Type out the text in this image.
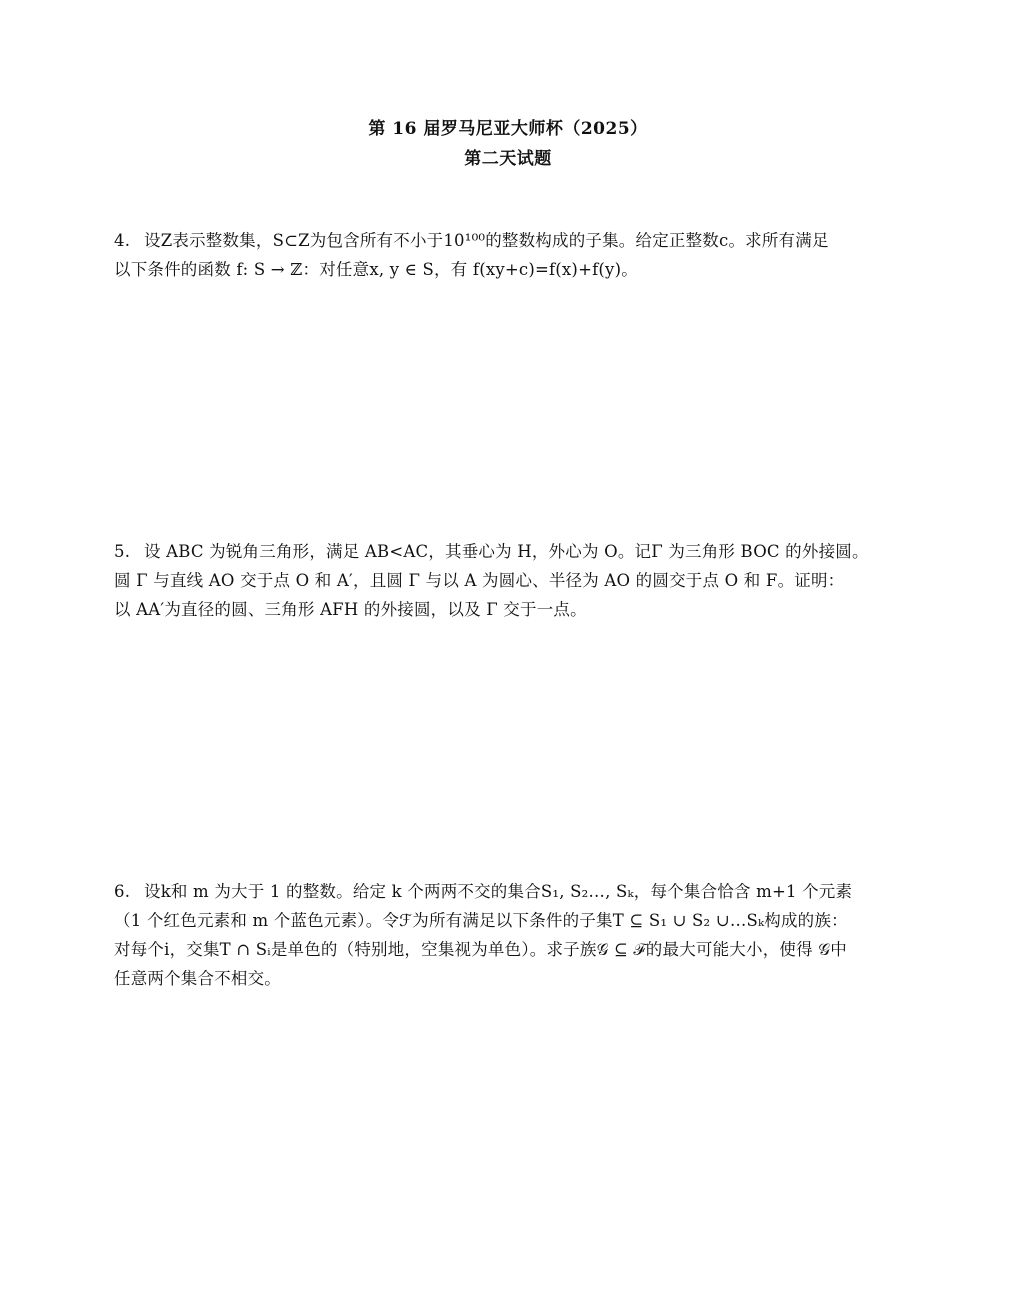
第 16 届罗马尼亚大师杯（2025）
第二天试题

4. 设Z表示整数集，S⊂Z为包含所有不小于10¹⁰⁰的整数构成的子集。给定正整数c。求所有满足

以下条件的函数 f: S → ℤ：对任意x, y ∈ S，有 f(xy+c)=f(x)+f(y)。

5. 设 ABC 为锐角三角形，满足 AB<AC，其垂心为 H，外心为 O。记Γ 为三角形 BOC 的外接圆。

圆 Γ 与直线 AO 交于点 O 和 A′，且圆 Γ 与以 A 为圆心、半径为 AO 的圆交于点 O 和 F。证明：

以 AA′为直径的圆、三角形 AFH 的外接圆，以及 Γ 交于一点。

6. 设k和 m 为大于 1 的整数。给定 k 个两两不交的集合S₁, S₂…, Sₖ，每个集合恰含 m+1 个元素

（1 个红色元素和 m 个蓝色元素）。令ℱ为所有满足以下条件的子集T ⊆ S₁ ∪ S₂ ∪…Sₖ构成的族：

对每个i，交集T ∩ Sᵢ是单色的（特别地，空集视为单色）。求子族𝒢 ⊆ ℱ的最大可能大小，使得 𝒢中

任意两个集合不相交。
